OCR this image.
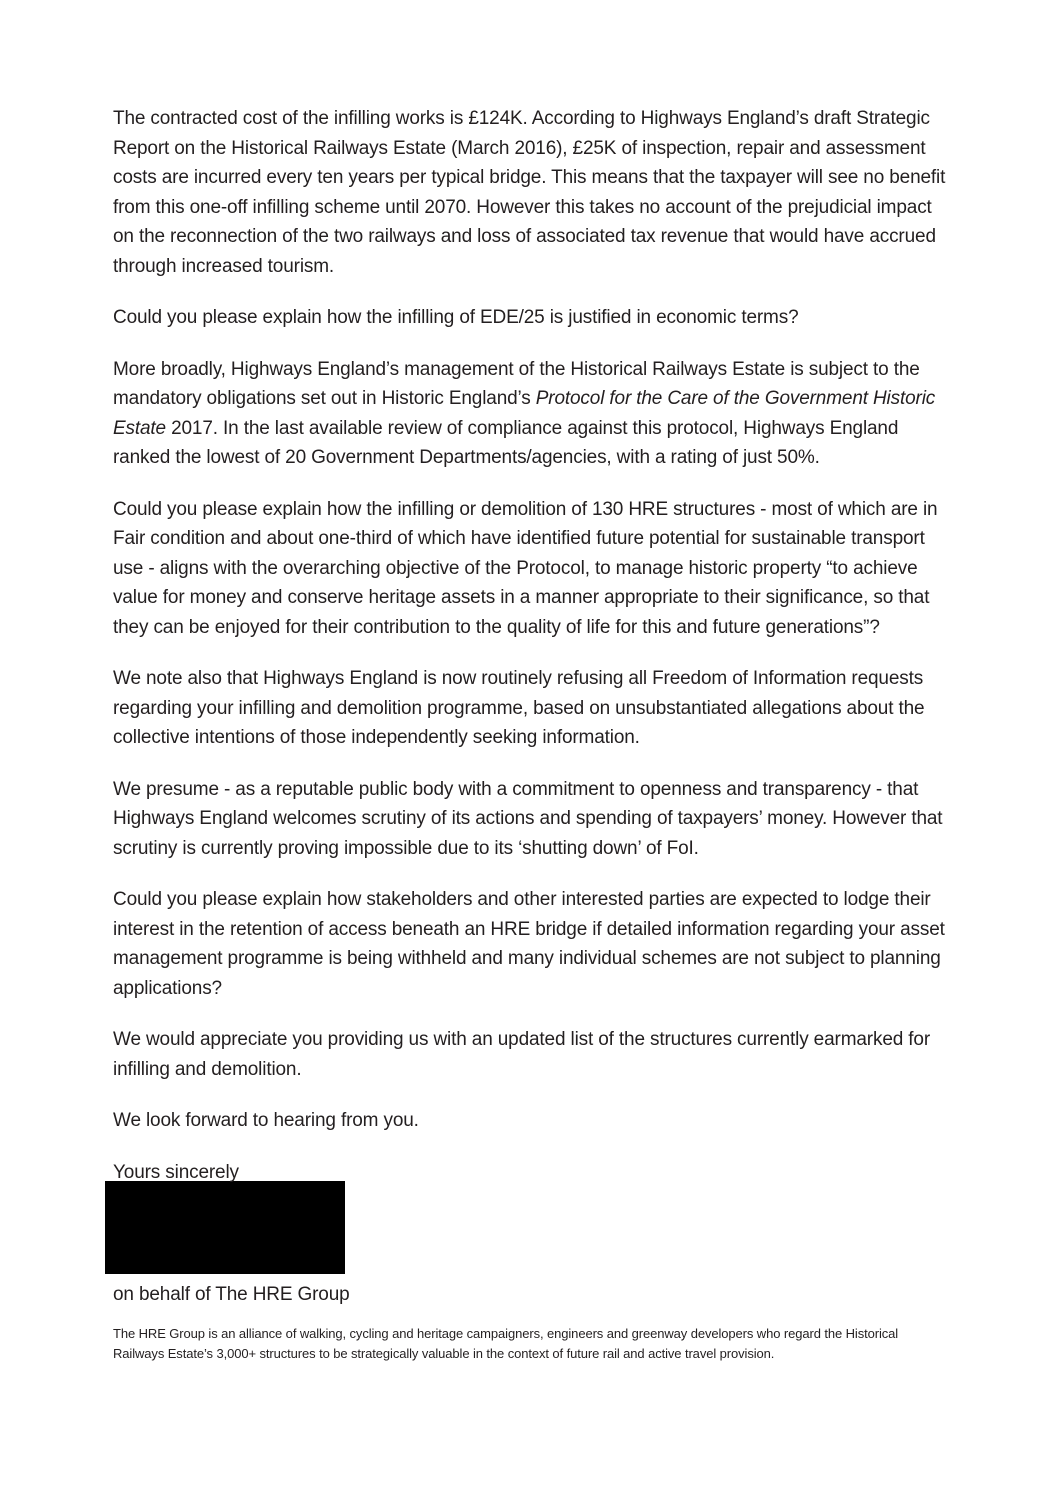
The contracted cost of the infilling works is £124K. According to Highways England’s draft Strategic Report on the Historical Railways Estate (March 2016), £25K of inspection, repair and assessment costs are incurred every ten years per typical bridge. This means that the taxpayer will see no benefit from this one-off infilling scheme until 2070. However this takes no account of the prejudicial impact on the reconnection of the two railways and loss of associated tax revenue that would have accrued through increased tourism.

Could you please explain how the infilling of EDE/25 is justified in economic terms?

More broadly, Highways England’s management of the Historical Railways Estate is subject to the mandatory obligations set out in Historic England’s Protocol for the Care of the Government Historic Estate 2017. In the last available review of compliance against this protocol, Highways England ranked the lowest of 20 Government Departments/agencies, with a rating of just 50%.

Could you please explain how the infilling or demolition of 130 HRE structures - most of which are in Fair condition and about one-third of which have identified future potential for sustainable transport use - aligns with the overarching objective of the Protocol, to manage historic property “to achieve value for money and conserve heritage assets in a manner appropriate to their significance, so that they can be enjoyed for their contribution to the quality of life for this and future generations”?

We note also that Highways England is now routinely refusing all Freedom of Information requests regarding your infilling and demolition programme, based on unsubstantiated allegations about the collective intentions of those independently seeking information.

We presume - as a reputable public body with a commitment to openness and transparency - that Highways England welcomes scrutiny of its actions and spending of taxpayers’ money. However that scrutiny is currently proving impossible due to its ‘shutting down’ of FoI.

Could you please explain how stakeholders and other interested parties are expected to lodge their interest in the retention of access beneath an HRE bridge if detailed information regarding your asset management programme is being withheld and many individual schemes are not subject to planning applications?

We would appreciate you providing us with an updated list of the structures currently earmarked for infilling and demolition.

We look forward to hearing from you.

Yours sincerely

on behalf of The HRE Group

The HRE Group is an alliance of walking, cycling and heritage campaigners, engineers and greenway developers who regard the Historical Railways Estate’s 3,000+ structures to be strategically valuable in the context of future rail and active travel provision.
